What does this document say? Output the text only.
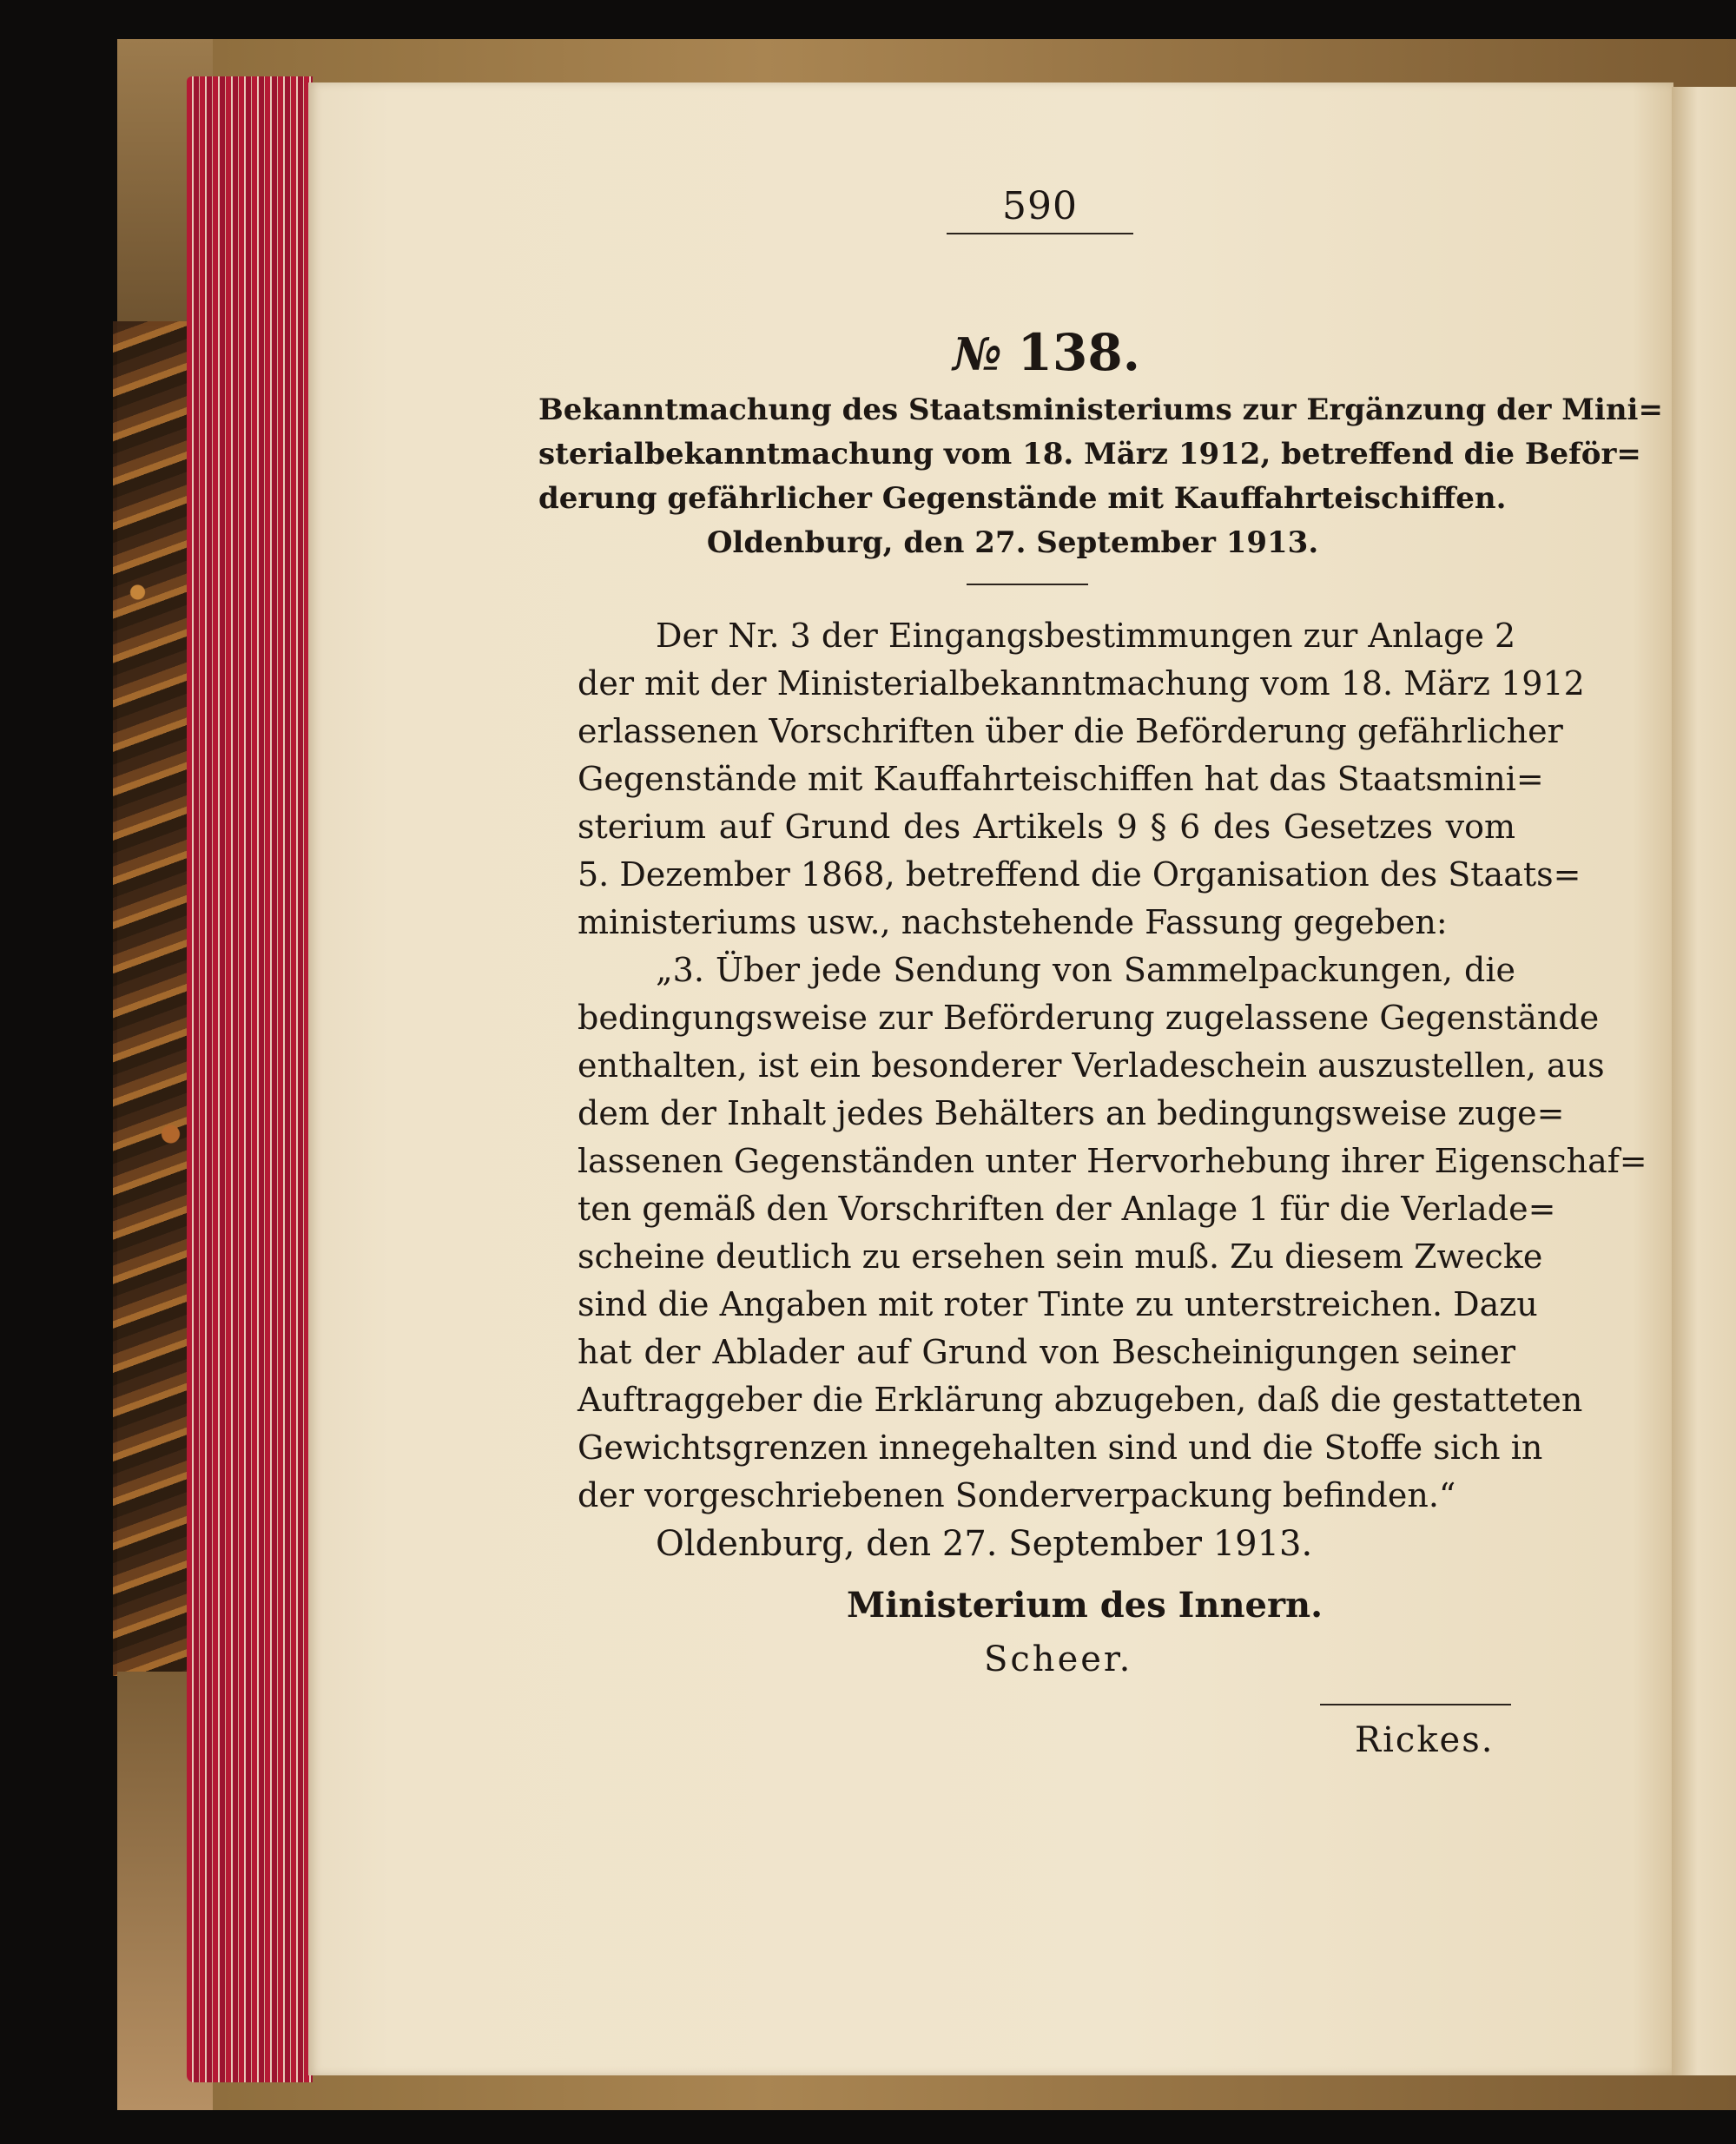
590
№ 138.
Bekanntmachung des Staatsministeriums zur Ergänzung der Mini=
sterialbekanntmachung vom 18. März 1912, betreffend die Beför=
derung gefährlicher Gegenstände mit Kauffahrteischiffen.
Oldenburg, den 27. September 1913.
Der Nr. 3 der Eingangsbestimmungen zur Anlage 2
der mit der Ministerialbekanntmachung vom 18. März 1912
erlassenen Vorschriften über die Beförderung gefährlicher
Gegenstände mit Kauffahrteischiffen hat das Staatsmini=
sterium auf Grund des Artikels 9 § 6 des Gesetzes vom
5. Dezember 1868, betreffend die Organisation des Staats=
ministeriums usw., nachstehende Fassung gegeben:
„3. Über jede Sendung von Sammelpackungen, die
bedingungsweise zur Beförderung zugelassene Gegenstände
enthalten, ist ein besonderer Verladeschein auszustellen, aus
dem der Inhalt jedes Behälters an bedingungsweise zuge=
lassenen Gegenständen unter Hervorhebung ihrer Eigenschaf=
ten gemäß den Vorschriften der Anlage 1 für die Verlade=
scheine deutlich zu ersehen sein muß. Zu diesem Zwecke
sind die Angaben mit roter Tinte zu unterstreichen. Dazu
hat der Ablader auf Grund von Bescheinigungen seiner
Auftraggeber die Erklärung abzugeben, daß die gestatteten
Gewichtsgrenzen innegehalten sind und die Stoffe sich in
der vorgeschriebenen Sonderverpackung befinden.“
Oldenburg, den 27. September 1913.
Ministerium des Innern.
Scheer.
Rickes.
